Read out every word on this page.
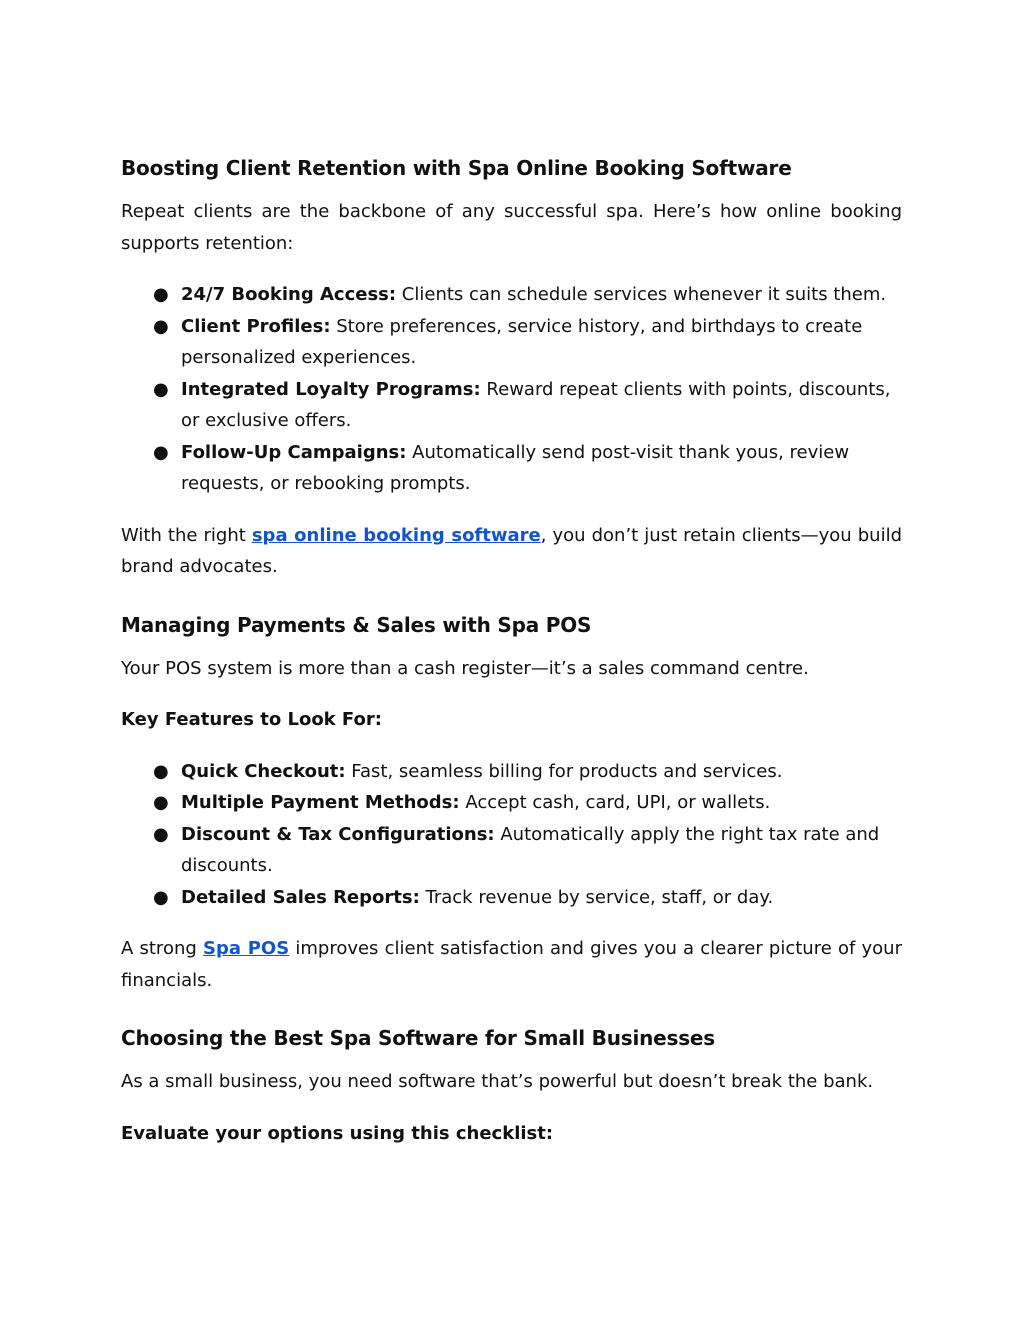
Boosting Client Retention with Spa Online Booking Software

Repeat clients are the backbone of any successful spa. Here’s how online booking supports retention:

● 24/7 Booking Access: Clients can schedule services whenever it suits them.
● Client Profiles: Store preferences, service history, and birthdays to create personalized experiences.
● Integrated Loyalty Programs: Reward repeat clients with points, discounts, or exclusive offers.
● Follow-Up Campaigns: Automatically send post-visit thank yous, review requests, or rebooking prompts.

With the right spa online booking software, you don’t just retain clients—you build brand advocates.

Managing Payments & Sales with Spa POS

Your POS system is more than a cash register—it’s a sales command centre.

Key Features to Look For:

● Quick Checkout: Fast, seamless billing for products and services.
● Multiple Payment Methods: Accept cash, card, UPI, or wallets.
● Discount & Tax Configurations: Automatically apply the right tax rate and discounts.
● Detailed Sales Reports: Track revenue by service, staff, or day.

A strong Spa POS improves client satisfaction and gives you a clearer picture of your financials.

Choosing the Best Spa Software for Small Businesses

As a small business, you need software that’s powerful but doesn’t break the bank.

Evaluate your options using this checklist:
